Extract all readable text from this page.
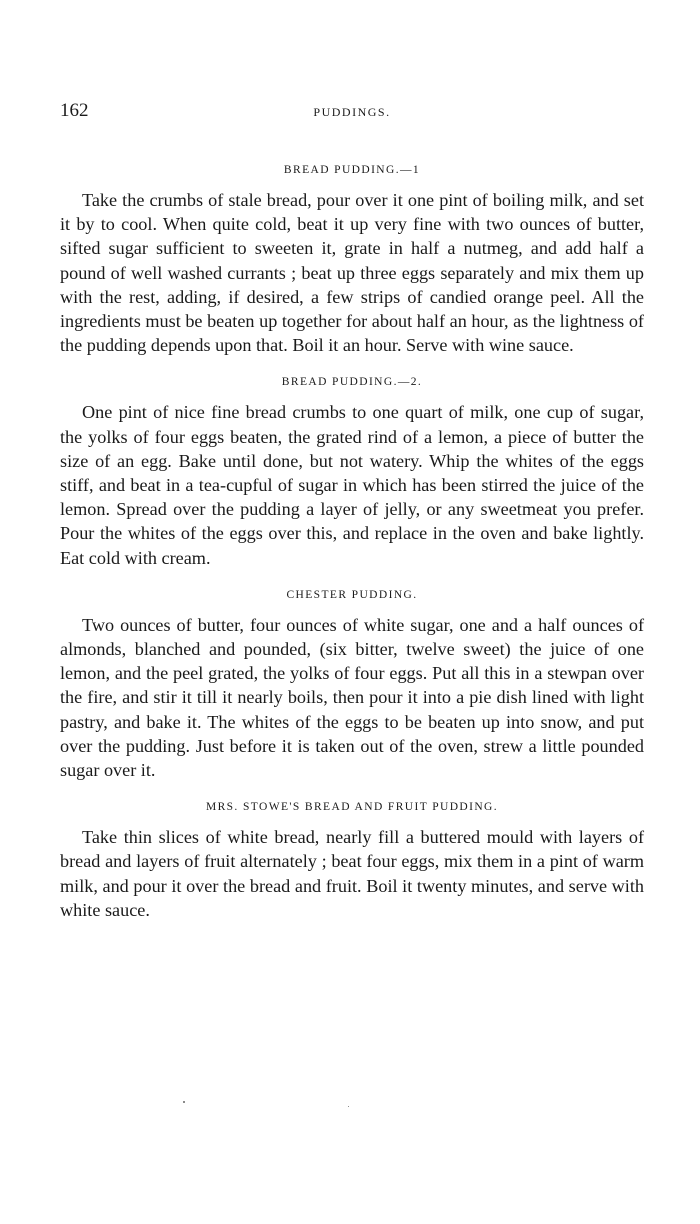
162	PUDDINGS.
BREAD PUDDING.—1

Take the crumbs of stale bread, pour over it one pint of boiling milk, and set it by to cool. When quite cold, beat it up very fine with two ounces of butter, sifted sugar sufficient to sweeten it, grate in half a nutmeg, and add half a pound of well washed currants ; beat up three eggs separately and mix them up with the rest, adding, if desired, a few strips of candied orange peel. All the ingredients must be beaten up together for about half an hour, as the lightness of the pudding depends upon that. Boil it an hour. Serve with wine sauce.

BREAD PUDDING.—2.

One pint of nice fine bread crumbs to one quart of milk, one cup of sugar, the yolks of four eggs beaten, the grated rind of a lemon, a piece of butter the size of an egg. Bake until done, but not watery. Whip the whites of the eggs stiff, and beat in a tea-cupful of sugar in which has been stirred the juice of the lemon. Spread over the pudding a layer of jelly, or any sweetmeat you prefer. Pour the whites of the eggs over this, and replace in the oven and bake lightly. Eat cold with cream.

CHESTER PUDDING.

Two ounces of butter, four ounces of white sugar, one and a half ounces of almonds, blanched and pounded, (six bitter, twelve sweet) the juice of one lemon, and the peel grated, the yolks of four eggs. Put all this in a stewpan over the fire, and stir it till it nearly boils, then pour it into a pie dish lined with light pastry, and bake it. The whites of the eggs to be beaten up into snow, and put over the pudding. Just before it is taken out of the oven, strew a little pounded sugar over it.

MRS. STOWE'S BREAD AND FRUIT PUDDING.

Take thin slices of white bread, nearly fill a buttered mould with layers of bread and layers of fruit alternately ; beat four eggs, mix them in a pint of warm milk, and pour it over the bread and fruit. Boil it twenty minutes, and serve with white sauce.
